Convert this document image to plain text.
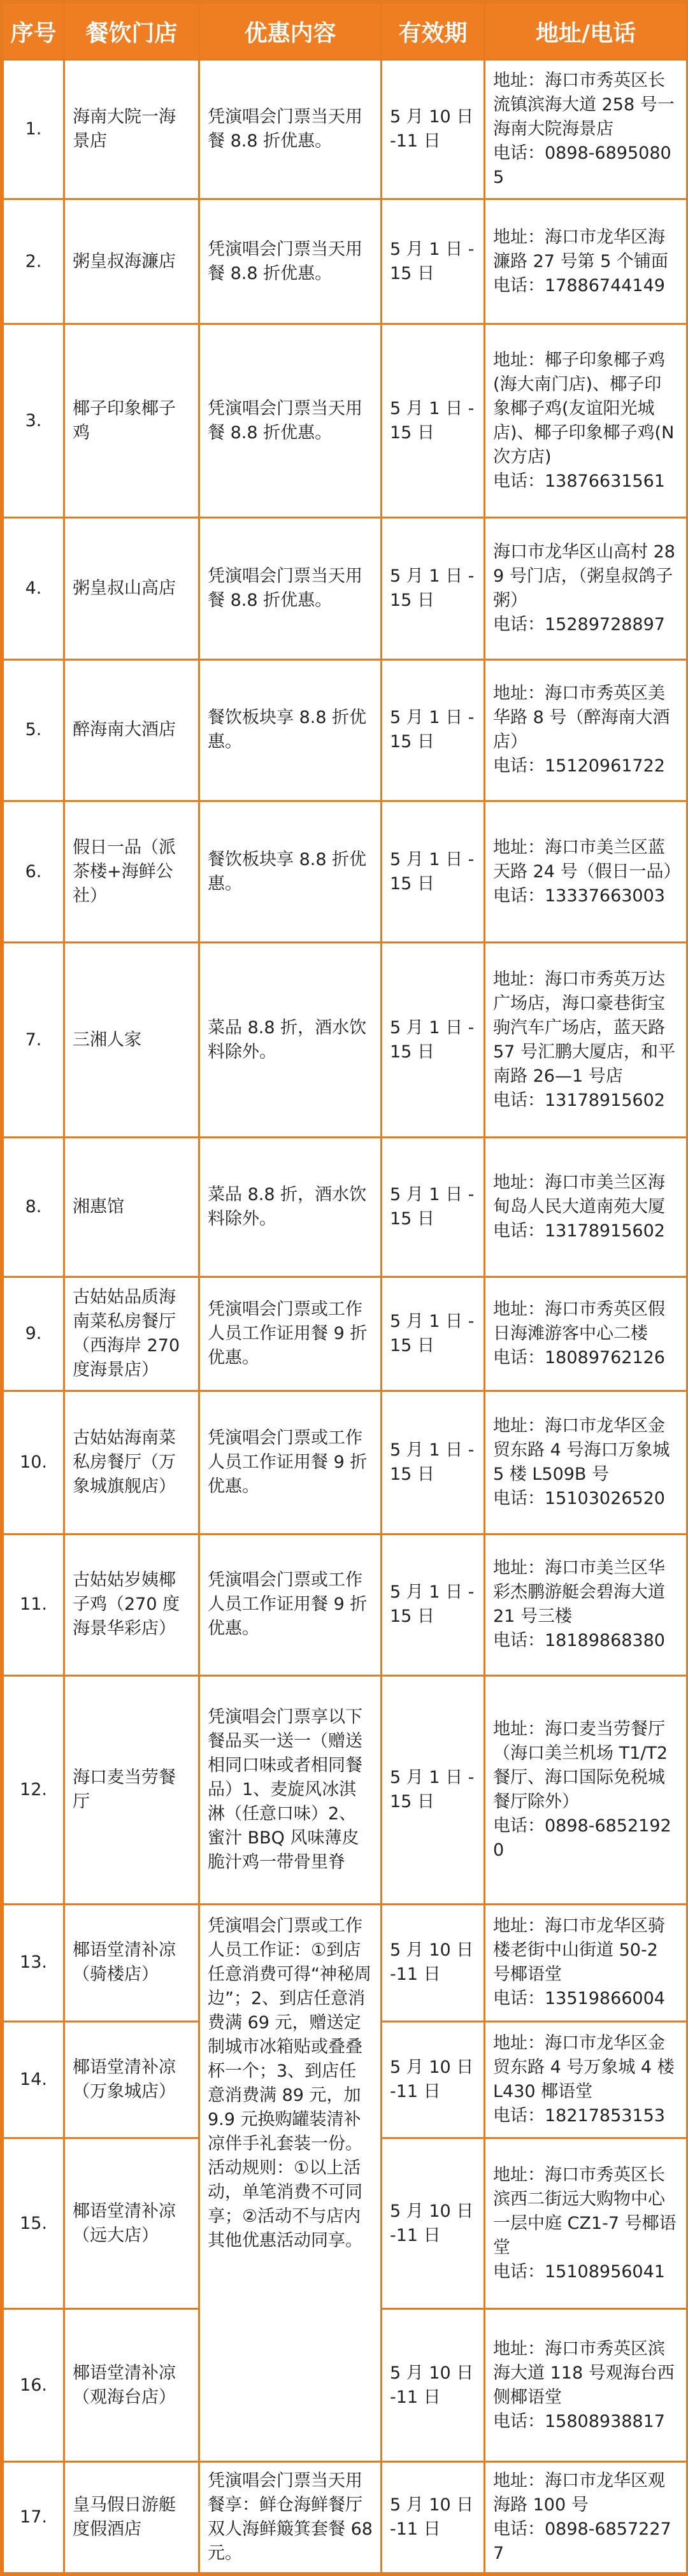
序号	餐饮门店	优惠内容	有效期	地址/电话
1.	海南大院一海景店	凭演唱会门票当天用餐 8.8 折优惠。	5 月 10 日 -11 日	地址：海口市秀英区长流镇滨海大道 258 号一海南大院海景店
电话：0898-68950805

2.	粥皇叔海濂店	凭演唱会门票当天用餐 8.8 折优惠。	5 月 1 日 -15 日	地址：海口市龙华区海濂路 27 号第 5 个铺面
电话：17886744149

3.	椰子印象椰子鸡	凭演唱会门票当天用餐 8.8 折优惠。	5 月 1 日 -15 日	地址：椰子印象椰子鸡(海大南门店)、椰子印象椰子鸡(友谊阳光城店)、椰子印象椰子鸡(N 次方店)
电话：13876631561

4.	粥皇叔山高店	凭演唱会门票当天用餐 8.8 折优惠。	5 月 1 日 -15 日	海口市龙华区山高村 289 号门店，（粥皇叔鸽子粥）
电话：15289728897

5.	醉海南大酒店	餐饮板块享 8.8 折优惠。	5 月 1 日 -15 日	地址：海口市秀英区美华路 8 号（醉海南大酒店）
电话：15120961722

6.	假日一品（派茶楼+海鲜公社）	餐饮板块享 8.8 折优惠。	5 月 1 日 -15 日	地址：海口市美兰区蓝天路 24 号（假日一品）
电话：13337663003

7.	三湘人家	菜品 8.8 折，酒水饮料除外。	5 月 1 日 -15 日	地址：海口市秀英万达广场店，海口豪巷街宝驹汽车广场店，蓝天路 57 号汇鹏大厦店，和平南路 26—1 号店
电话：13178915602

8.	湘惠馆	菜品 8.8 折，酒水饮料除外。	5 月 1 日 -15 日	地址：海口市美兰区海甸岛人民大道南苑大厦
电话：13178915602

9.	古姑姑品质海南菜私房餐厅（西海岸 270 度海景店）	凭演唱会门票或工作人员工作证用餐 9 折优惠。	5 月 1 日 -15 日	地址：海口市秀英区假日海滩游客中心二楼
电话：18089762126

10.	古姑姑海南菜私房餐厅（万象城旗舰店）	凭演唱会门票或工作人员工作证用餐 9 折优惠。	5 月 1 日 -15 日	地址：海口市龙华区金贸东路 4 号海口万象城 5 楼 L509B 号
电话：15103026520

11.	古姑姑岁姨椰子鸡（270 度海景华彩店）	凭演唱会门票或工作人员工作证用餐 9 折优惠。	5 月 1 日 -15 日	地址：海口市美兰区华彩杰鹏游艇会碧海大道 21 号三楼
电话：18189868380

12.	海口麦当劳餐厅	凭演唱会门票享以下餐品买一送一（赠送相同口味或者相同餐品）1、麦旋风冰淇淋（任意口味）2、蜜汁 BBQ 风味薄皮脆汁鸡一带骨里脊	5 月 1 日 -15 日	地址：海口麦当劳餐厅（海口美兰机场 T1/T2 餐厅、海口国际免税城餐厅除外）
电话：0898-68521920

13.	椰语堂清补凉（骑楼店）	凭演唱会门票或工作人员工作证：①到店任意消费可得“神秘周边”；2、到店任意消费满 69 元，赠送定制城市冰箱贴或叠叠杯一个；3、到店任意消费满 89 元，加 9.9 元换购罐装清补凉伴手礼套装一份。活动规则：①以上活动，单笔消费不可同享；②活动不与店内其他优惠活动同享。	5 月 10 日 -11 日	地址：海口市龙华区骑楼老街中山街道 50-2 号椰语堂
电话：13519866004

14.	椰语堂清补凉（万象城店）		5 月 10 日 -11 日	地址：海口市龙华区金贸东路 4 号万象城 4 楼 L430 椰语堂
电话：18217853153

15.	椰语堂清补凉（远大店）		5 月 10 日 -11 日	地址：海口市秀英区长滨西二街远大购物中心一层中庭 CZ1-7 号椰语堂
电话：15108956041

16.	椰语堂清补凉（观海台店）		5 月 10 日 -11 日	地址：海口市秀英区滨海大道 118 号观海台西侧椰语堂
电话：15808938817

17.	皇马假日游艇度假酒店	凭演唱会门票当天用餐享：鲜仓海鲜餐厅双人海鲜簸箕套餐 68 元。	5 月 10 日 -11 日	地址：海口市龙华区观海路 100 号
电话：0898-68572277
